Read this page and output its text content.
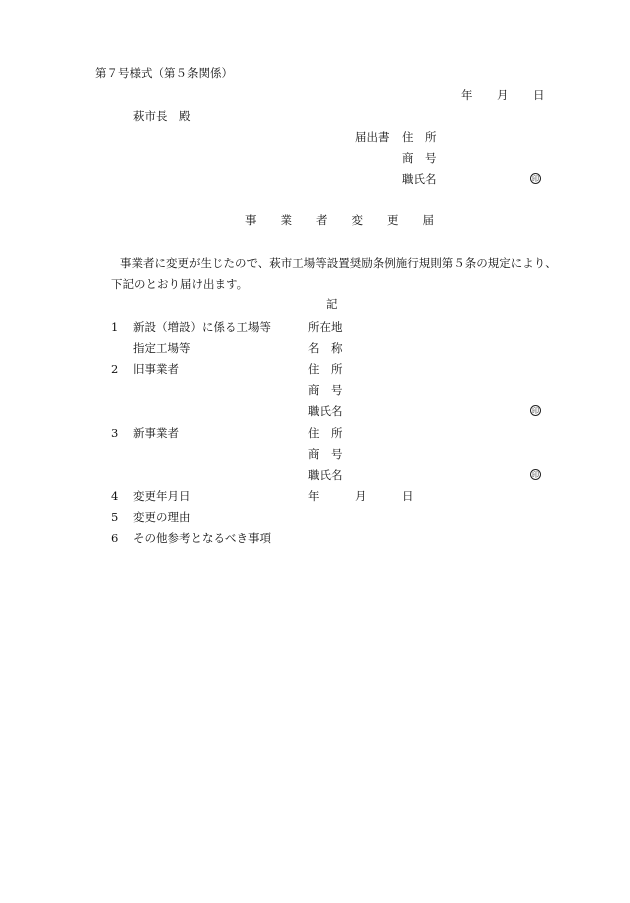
第７号様式（第５条関係）
年 月 日
萩市長　殿
届出書 住　所
商　号
職氏名	印
事業者変更届
事業者に変更が生じたので、萩市工場等設置奨励条例施行規則第５条の規定により、
下記のとおり届け出ます。
記
1 新設（増設）に係る工場等	所在地
指定工場等	名　称
2 旧事業者	住　所
商　号
職氏名	印
3 新事業者	住　所
商　号
職氏名	印
4 変更年月日	年	月	日
5 変更の理由
6 その他参考となるべき事項
